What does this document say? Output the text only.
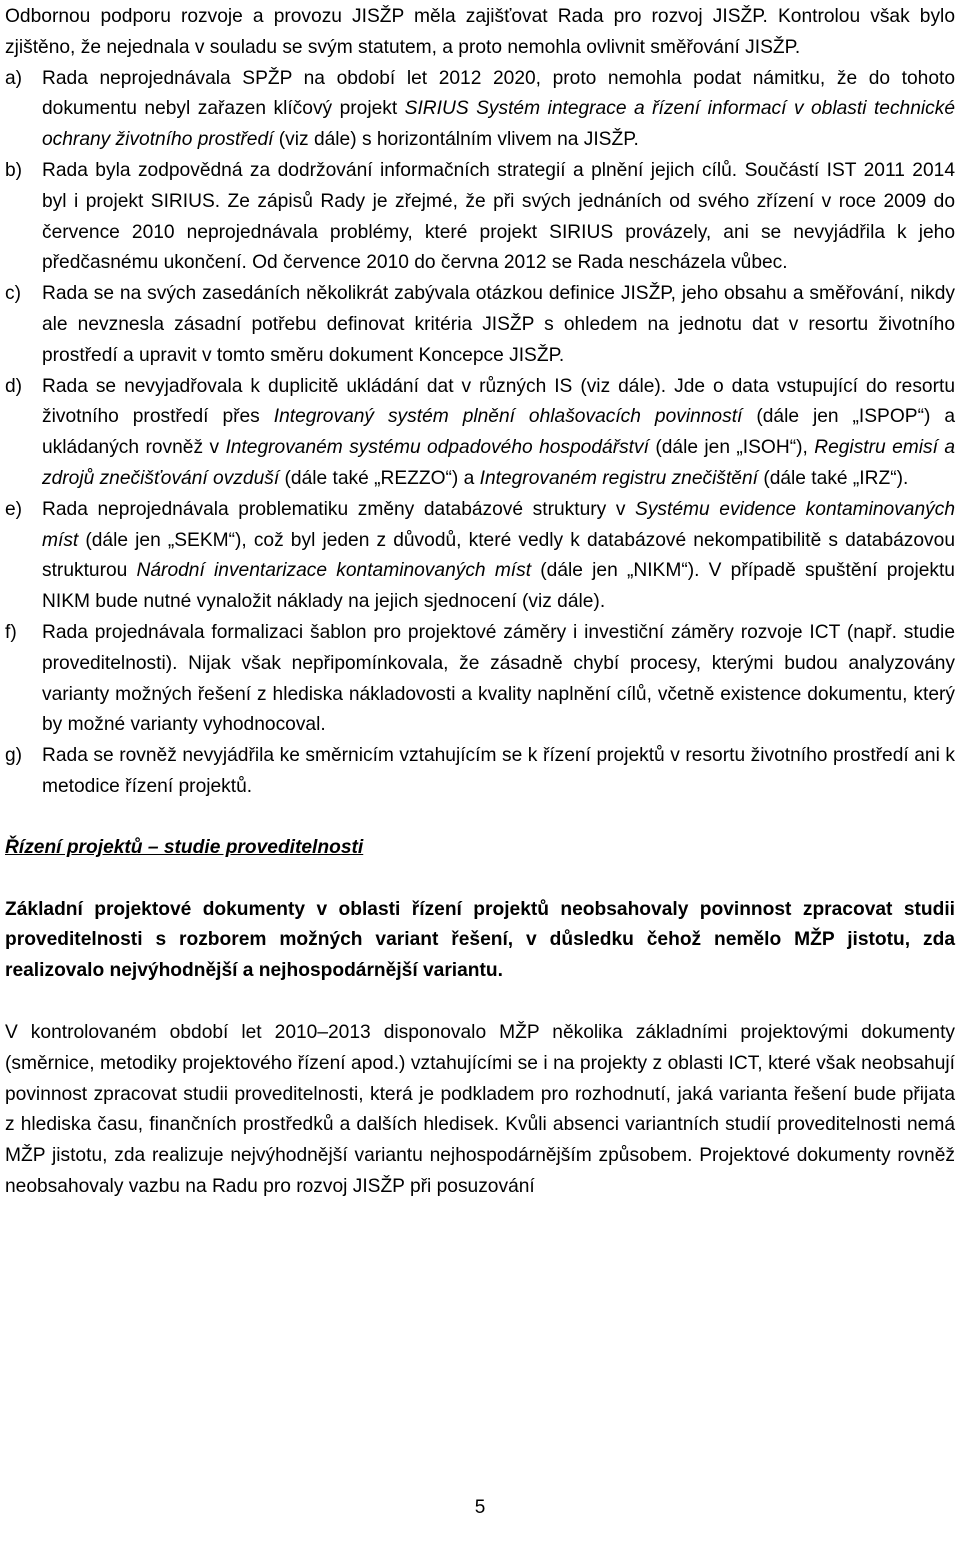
Odbornou podporu rozvoje a provozu JISŽP měla zajišťovat Rada pro rozvoj JISŽP. Kontrolou však bylo zjištěno, že nejednala v souladu se svým statutem, a proto nemohla ovlivnit směřování JISŽP.

a) Rada neprojednávala SPŽP na období let 2012 2020, proto nemohla podat námitku, že do tohoto dokumentu nebyl zařazen klíčový projekt SIRIUS Systém integrace a řízení informací v oblasti technické ochrany životního prostředí (viz dále) s horizontálním vlivem na JISŽP.
b) Rada byla zodpovědná za dodržování informačních strategií a plnění jejich cílů. Součástí IST 2011 2014 byl i projekt SIRIUS. Ze zápisů Rady je zřejmé, že při svých jednáních od svého zřízení v roce 2009 do července 2010 neprojednávala problémy, které projekt SIRIUS provázely, ani se nevyjádřila k jeho předčasnému ukončení. Od července 2010 do června 2012 se Rada nescházela vůbec.
c) Rada se na svých zasedáních několikrát zabývala otázkou definice JISŽP, jeho obsahu a směřování, nikdy ale nevznesla zásadní potřebu definovat kritéria JISŽP s ohledem na jednotu dat v resortu životního prostředí a upravit v tomto směru dokument Koncepce JISŽP.
d) Rada se nevyjadřovala k duplicitě ukládání dat v různých IS (viz dále). Jde o data vstupující do resortu životního prostředí přes Integrovaný systém plnění ohlašovacích povinností (dále jen „ISPOP“) a ukládaných rovněž v Integrovaném systému odpadového hospodářství (dále jen „ISOH“), Registru emisí a zdrojů znečišťování ovzduší (dále také „REZZO“) a Integrovaném registru znečištění (dále také „IRZ“).
e) Rada neprojednávala problematiku změny databázové struktury v Systému evidence kontaminovaných míst (dále jen „SEKM“), což byl jeden z důvodů, které vedly k databázové nekompatibilitě s databázovou strukturou Národní inventarizace kontaminovaných míst (dále jen „NIKM“). V případě spuštění projektu NIKM bude nutné vynaložit náklady na jejich sjednocení (viz dále).
f) Rada projednávala formalizaci šablon pro projektové záměry i investiční záměry rozvoje ICT (např. studie proveditelnosti). Nijak však nepřipomínkovala, že zásadně chybí procesy, kterými budou analyzovány varianty možných řešení z hlediska nákladovosti a kvality naplnění cílů, včetně existence dokumentu, který by možné varianty vyhodnocoval.
g) Rada se rovněž nevyjádřila ke směrnicím vztahujícím se k řízení projektů v resortu životního prostředí ani k metodice řízení projektů.

Řízení projektů – studie proveditelnosti

Základní projektové dokumenty v oblasti řízení projektů neobsahovaly povinnost zpracovat studii proveditelnosti s rozborem možných variant řešení, v důsledku čehož nemělo MŽP jistotu, zda realizovalo nejvýhodnější a nejhospodárnější variantu.

V kontrolovaném období let 2010–2013 disponovalo MŽP několika základními projektovými dokumenty (směrnice, metodiky projektového řízení apod.) vztahujícími se i na projekty z oblasti ICT, které však neobsahují povinnost zpracovat studii proveditelnosti, která je podkladem pro rozhodnutí, jaká varianta řešení bude přijata z hlediska času, finančních prostředků a dalších hledisek. Kvůli absenci variantních studií proveditelnosti nemá MŽP jistotu, zda realizuje nejvýhodnější variantu nejhospodárnějším způsobem. Projektové dokumenty rovněž neobsahovaly vazbu na Radu pro rozvoj JISŽP při posuzování

5
